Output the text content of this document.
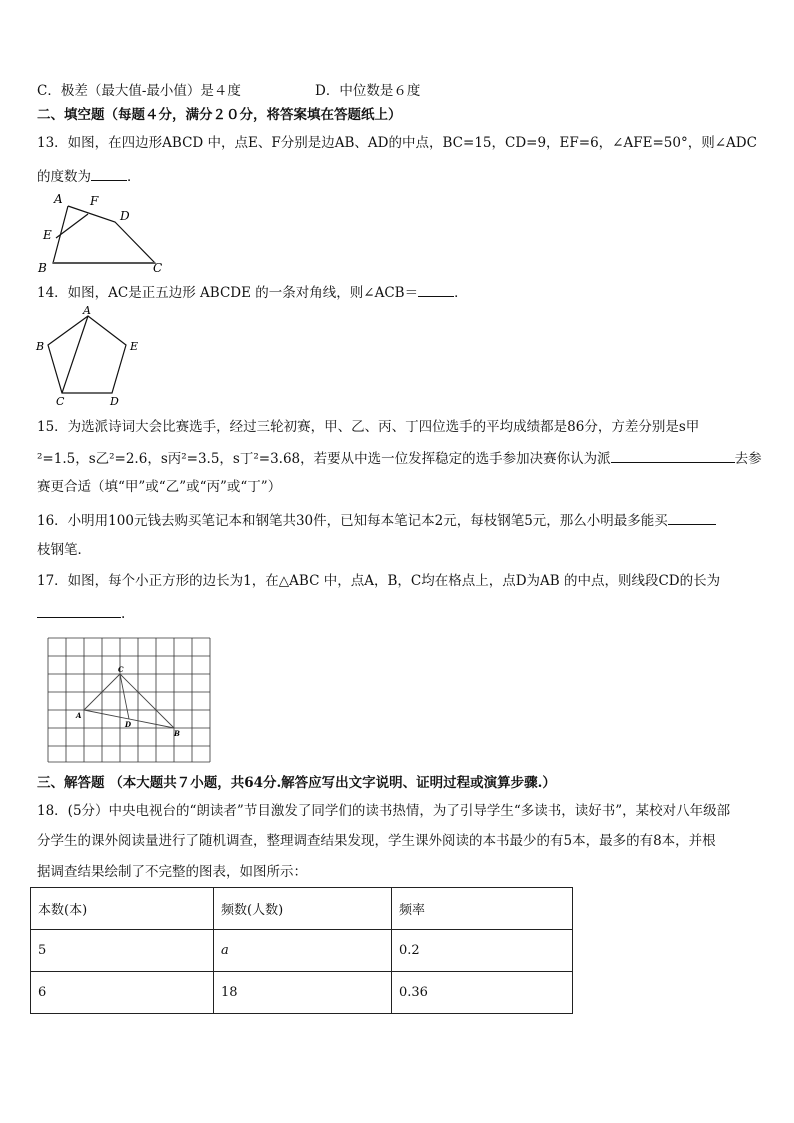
C．极差（最大值-最小值）是４度	D．中位数是６度
二、填空题（每题４分，满分２０分，将答案填在答题纸上）
13．如图，在四边形ABCD 中，点E、F分别是边AB、AD的中点，BC=15，CD=9，EF=6，∠AFE=50°，则∠ADC
的度数为	．
A F
D
E
B	C
14．如图，AC是正五边形 ABCDE 的一条对角线，则∠ACB＝	．
A
B	E
C	D
15．为选派诗词大会比赛选手，经过三轮初赛，甲、乙、丙、丁四位选手的平均成绩都是86分，方差分别是s甲
²=1.5，s乙²=2.6，s丙²=3.5，s丁²=3.68，若要从中选一位发挥稳定的选手参加决赛你认为派	去参
赛更合适（填“甲”或“乙”或“丙”或“丁”）
16．小明用100元钱去购买笔记本和钢笔共30件，已知每本笔记本2元，每枝钢笔5元，那么小明最多能买
枝钢笔．
17．如图，每个小正方形的边长为1，在△ABC 中，点A，B，C均在格点上，点D为AB 的中点，则线段CD的长为
.
C
A
D
B
三、解答题 （本大题共７小题，共64分.解答应写出文字说明、证明过程或演算步骤.）
18．(5分）中央电视台的“朗读者”节目激发了同学们的读书热情，为了引导学生“多读书，读好书”，某校对八年级部
分学生的课外阅读量进行了随机调查，整理调查结果发现，学生课外阅读的本书最少的有5本，最多的有8本，并根
据调查结果绘制了不完整的图表，如图所示：
本数(本)	频数(人数)	频率
5	a	0.2
6	18	0.36
